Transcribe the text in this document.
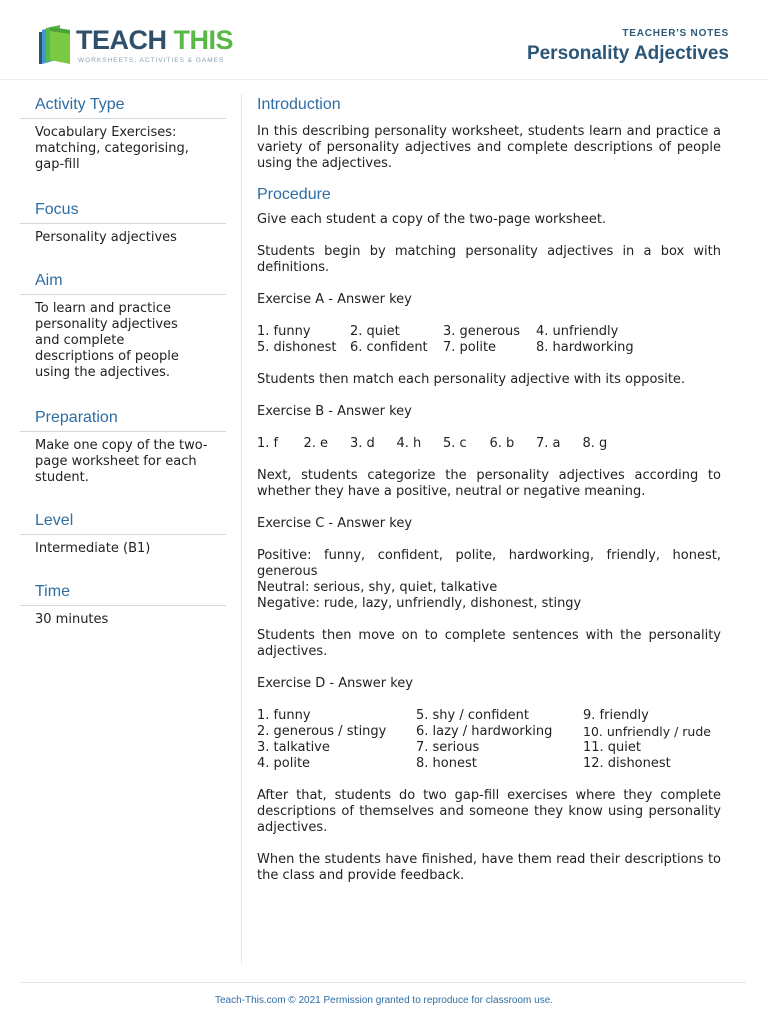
TEACH THIS
WORKSHEETS, ACTIVITIES & GAMES
TEACHER'S NOTES
Personality Adjectives
Activity Type
Vocabulary Exercises: matching, categorising, gap-fill
Focus
Personality adjectives
Aim
To learn and practice personality adjectives and complete descriptions of people using the adjectives.
Preparation
Make one copy of the two-page worksheet for each student.
Level
Intermediate (B1)
Time
30 minutes
Introduction
In this describing personality worksheet, students learn and practice a variety of personality adjectives and complete descriptions of people using the adjectives.
Procedure
Give each student a copy of the two-page worksheet.
Students begin by matching personality adjectives in a box with definitions.
Exercise A - Answer key
1. funny	2. quiet	3. generous	4. unfriendly
5. dishonest	6. confident	7. polite	8. hardworking
Students then match each personality adjective with its opposite.
Exercise B - Answer key
1. f	2. e	3. d	4. h	5. c	6. b	7. a	8. g
Next, students categorize the personality adjectives according to whether they have a positive, neutral or negative meaning.
Exercise C - Answer key
Positive: funny, confident, polite, hardworking, friendly, honest, generous
Neutral: serious, shy, quiet, talkative
Negative: rude, lazy, unfriendly, dishonest, stingy
Students then move on to complete sentences with the personality adjectives.
Exercise D - Answer key
1. funny	5. shy / confident	9. friendly
2. generous / stingy	6. lazy / hardworking	10. unfriendly / rude
3. talkative	7. serious	11. quiet
4. polite	8. honest	12. dishonest
After that, students do two gap-fill exercises where they complete descriptions of themselves and someone they know using personality adjectives.
When the students have finished, have them read their descriptions to the class and provide feedback.
Teach-This.com © 2021 Permission granted to reproduce for classroom use.
